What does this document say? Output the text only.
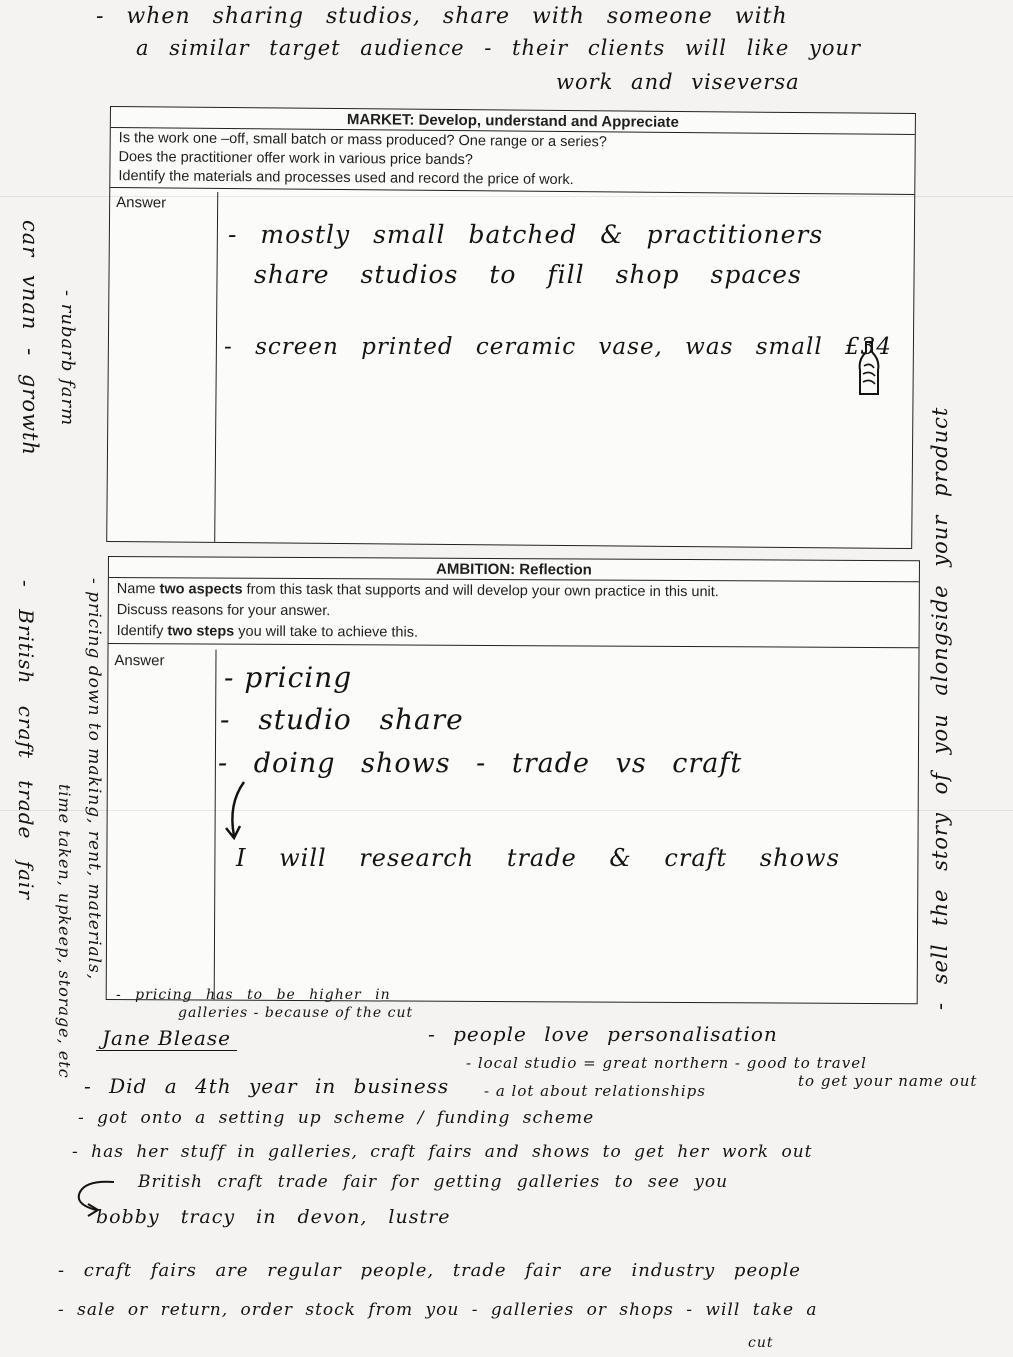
- when sharing studios, share with someone with
a similar target audience - their clients will like your
work and viseversa
MARKET: Develop, understand and Appreciate
Is the work one –off, small batch or mass produced? One range or a series?
Does the practitioner offer work in various price bands?
Identify the materials and processes used and record the price of work.
Answer
- mostly small batched & practitioners
share studios to fill shop spaces
- screen printed ceramic vase, was small £34
AMBITION: Reflection
Name two aspects from this task that supports and will develop your own practice in this unit.
Discuss reasons for your answer.
Identify two steps you will take to achieve this.
Answer
- pricing
- studio share
- doing shows - trade vs craft
I will research trade & craft shows
car vnan - growth - rubarb farm
- British craft trade fair	- pricing down to making, rent, materials,
time taken, upkeep, storage, etc	- sell the story of you alongside your product
- pricing has to be higher in
galleries - because of the cut
Jane Blease	- people love personalisation
- local studio = great northern - good to travel
- a lot about relationships
to get your name out
- Did a 4th year in business
- got onto a setting up scheme / funding scheme
- has her stuff in galleries, craft fairs and shows to get her work out
British craft trade fair for getting galleries to see you
bobby tracy in devon, lustre
- craft fairs are regular people, trade fair are industry people
- sale or return, order stock from you - galleries or shops - will take a
cut
